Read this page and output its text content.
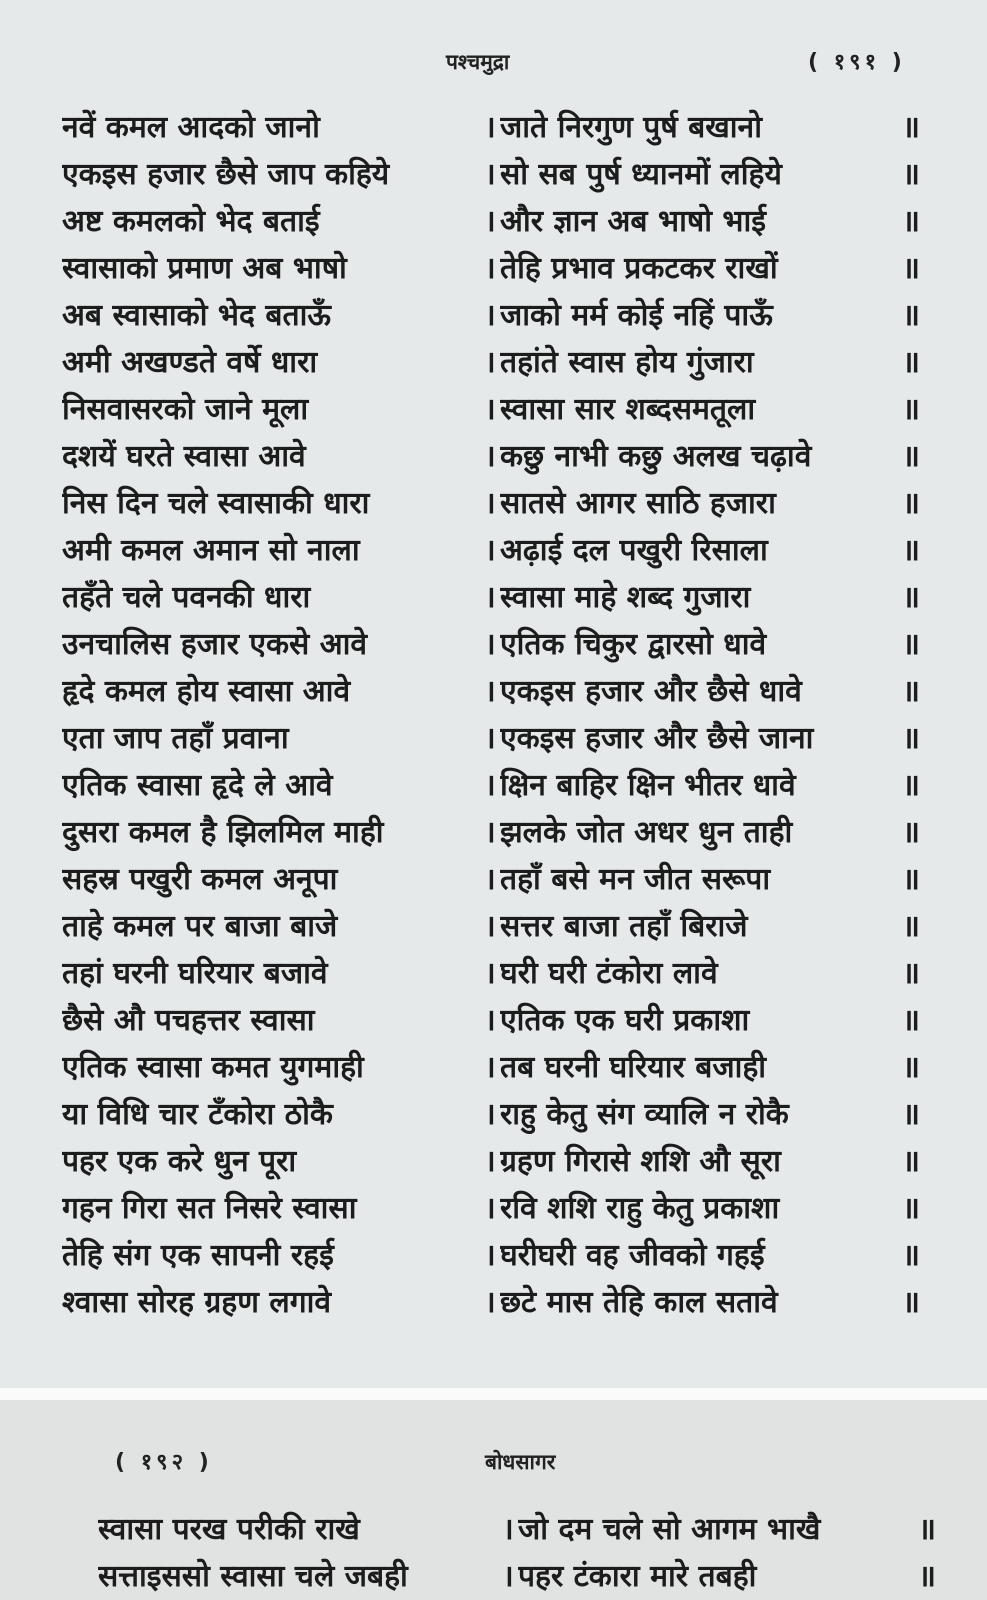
पश्चमुद्रा	( १९१ )
नवें कमल आदको जानो	। जाते निरगुण पुर्ष बखानो	॥
एकइस हजार छैसे जाप कहिये	। सो सब पुर्ष ध्यानमों लहिये	॥
अष्ट कमलको भेद बताई	। और ज्ञान अब भाषो भाई	॥
स्वासाको प्रमाण अब भाषो	। तेहि प्रभाव प्रकटकर राखों	॥
अब स्वासाको भेद बताऊँ	। जाको मर्म कोई नहिं पाऊँ	॥
अमी अखण्डते वर्षे धारा	। तहांते स्वास होय गुंजारा	॥
निसवासरको जाने मूला	। स्वासा सार शब्दसमतूला	॥
दशयें घरते स्वासा आवे	। कछु नाभी कछु अलख चढ़ावे	॥
निस दिन चले स्वासाकी धारा	। सातसे आगर साठि हजारा	॥
अमी कमल अमान सो नाला	। अढ़ाई दल पखुरी रिसाला	॥
तहँते चले पवनकी धारा	। स्वासा माहे शब्द गुजारा	॥
उनचालिस हजार एकसे आवे	। एतिक चिकुर द्वारसो धावे	॥
हृदे कमल होय स्वासा आवे	। एकइस हजार और छैसे धावे	॥
एता जाप तहाँ प्रवाना	। एकइस हजार और छैसे जाना	॥
एतिक स्वासा हृदे ले आवे	। क्षिन बाहिर क्षिन भीतर धावे	॥
दुसरा कमल है झिलमिल माही	। झलके जोत अधर धुन ताही	॥
सहस्र पखुरी कमल अनूपा	। तहाँ बसे मन जीत सरूपा	॥
ताहे कमल पर बाजा बाजे	। सत्तर बाजा तहाँ बिराजे	॥
तहां घरनी घरियार बजावे	। घरी घरी टंकोरा लावे	॥
छैसे औ पचहत्तर स्वासा	। एतिक एक घरी प्रकाशा	॥
एतिक स्वासा कमत युगमाही	। तब घरनी घरियार बजाही	॥
या विधि चार टँकोरा ठोकै	। राहु केतु संग व्यालि न रोकै	॥
पहर एक करे धुन पूरा	। ग्रहण गिरासे शशि औ सूरा	॥
गहन गिरा सत निसरे स्वासा	। रवि शशि राहु केतु प्रकाशा	॥
तेहि संग एक सापनी रहई	। घरीघरी वह जीवको गहई	॥
श्वासा सोरह ग्रहण लगावे	। छटे मास तेहि काल सतावे	॥
( १९२ )	बोधसागर
स्वासा परख परीकी राखे	। जो दम चले सो आगम भाखै	॥
सत्ताइससो स्वासा चले जबही	। पहर टंकारा मारे तबही	॥
